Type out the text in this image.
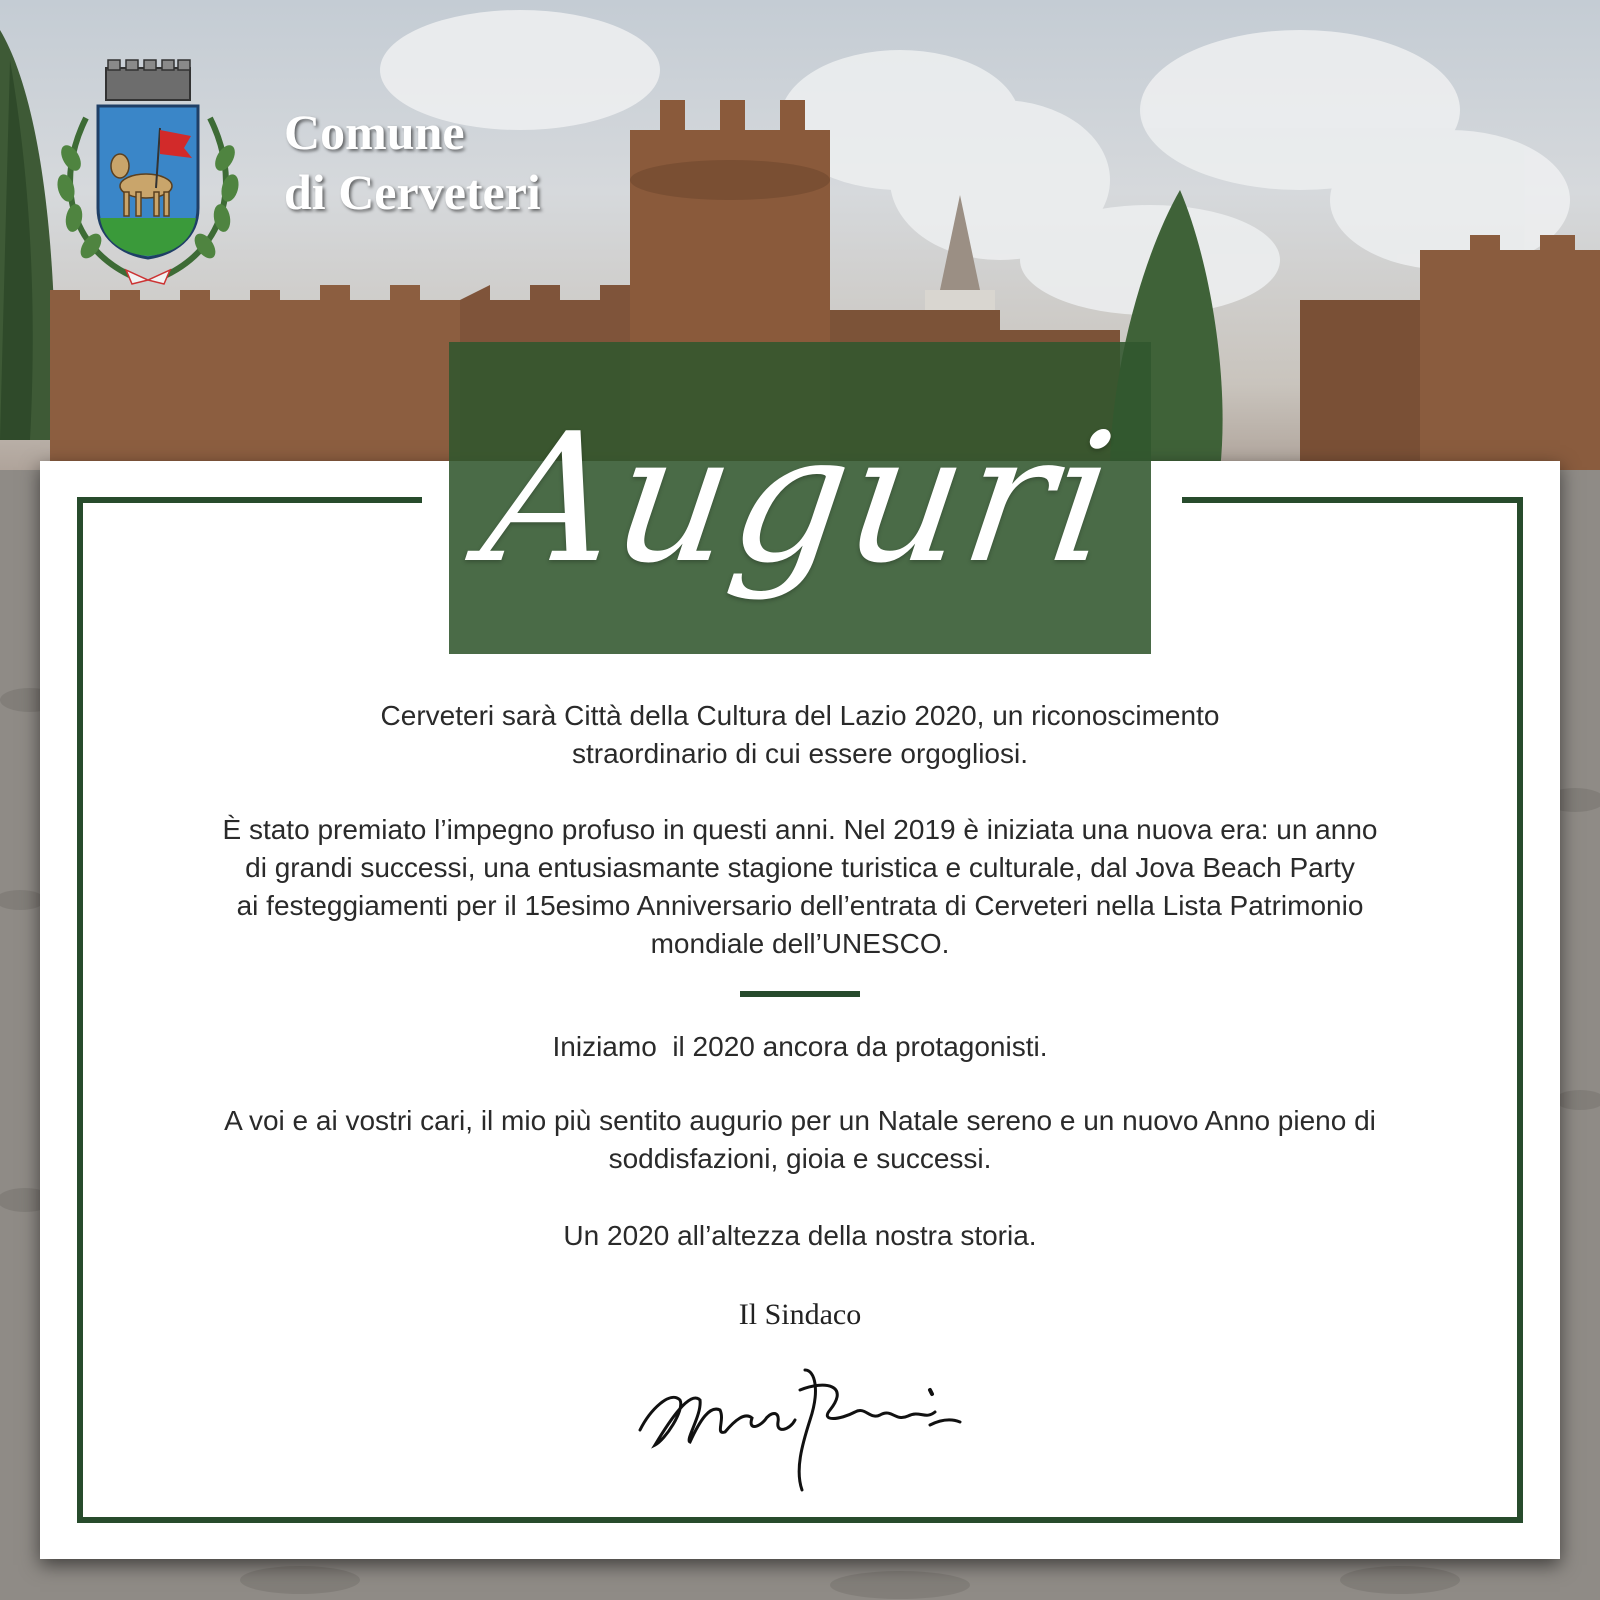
Comune
di Cerveteri
Auguri
Cerveteri sarà Città della Cultura del Lazio 2020, un riconoscimento
straordinario di cui essere orgogliosi.
È stato premiato l’impegno profuso in questi anni. Nel 2019 è iniziata una nuova era: un anno
di grandi successi, una entusiasmante stagione turistica e culturale, dal Jova Beach Party
ai festeggiamenti per il 15esimo Anniversario dell’entrata di Cerveteri nella Lista Patrimonio
mondiale dell’UNESCO.
Iniziamo  il 2020 ancora da protagonisti.
A voi e ai vostri cari, il mio più sentito augurio per un Natale sereno e un nuovo Anno pieno di
soddisfazioni, gioia e successi.
Un 2020 all’altezza della nostra storia.
Il Sindaco
